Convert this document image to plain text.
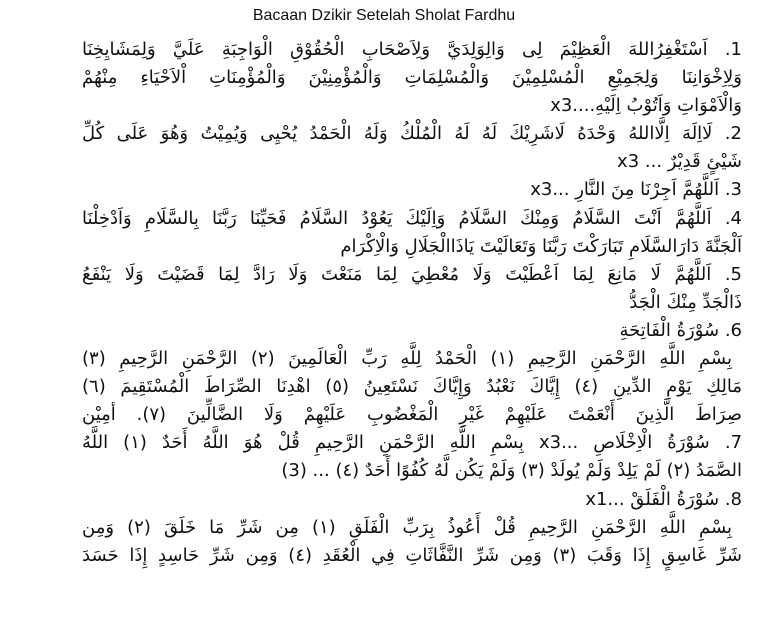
Bacaan Dzikir Setelah Sholat Fardhu
1. اَسْتَغْفِرُاللهَ الْعَظِيْمَ لِى وَالِوَلِدَيَّ وَلِاَصْحَابِ الْحُقُوْقِ الْوَاجِبَةِ عَلَيَّ وَلِمَشَايِخِنَا
وَلِاِخْوَانِنَا وَلِجَمِيْعِ الْمُسْلِمِيْنَ وَالْمُسْلِمَاتِ وَالْمُؤْمِنِيْنَ وَالْمُؤْمِنَاتِ اْلاَحْيَاءِ مِنْهُمْ
وَالْاَمْوَاتِ وَاَتُوْبُ اِلَيْهِ....x3
2. لَااِلَهَ اِلَّااللهُ وَحْدَهُ لَاشَرِيْكَ لَهُ لَهُ الْمُلْكُ وَلَهُ الْحَمْدُ يُحْيِى وَيُمِيْتُ وَهُوَ عَلَى كُلِّ
شَيْئٍ قَدِيْرٌ ... x3
3. اَللَّهُمَّ اَجِرْنَا مِنَ النَّارِ ...x3
4. اَللَّهُمَّ اَنْتَ السَّلَامُ وَمِنْكَ السَّلَامُ وَاِلَيْكَ يَعُوْدُ السَّلَامُ فَحَيِّنَا رَبَّنَا بِالسَّلَامِ وَاَدْخِلْنَا
اَلْجَنَّةَ دَارَالسَّلَامِ تَبَارَكْتَ رَبَّنَا وَتَعَالَيْتَ يَاذَاالْجَلَالِ وَالْاِكْرَام
5. اَللَّهُمَّ لَا مَانِعَ لِمَا اَعْطَيْتَ وَلَا مُعْطِيَ لِمَا مَنَعْتَ وَلَا رَادَّ لِمَا قَضَيْتَ وَلَا يَنْفَعُ
ذَالْجَدِّ مِنْكَ الْجَدُّ
6. سُوْرَةُ الْفَاتِحَةِ
بِسْمِ اللَّهِ الرَّحْمَنِ الرَّحِيمِ (١) الْحَمْدُ لِلَّهِ رَبِّ الْعَالَمِينَ (٢) الرَّحْمَنِ الرَّحِيمِ (٣)
مَالِكِ يَوْمِ الدِّينِ (٤) إِيَّاكَ نَعْبُدُ وَإِيَّاكَ نَسْتَعِينُ (٥) اهْدِنَا الصِّرَاطَ الْمُسْتَقِيمَ (٦)
صِرَاطَ الَّذِينَ أَنْعَمْتَ عَلَيْهِمْ غَيْرِ الْمَغْضُوبِ عَلَيْهِمْ وَلَا الضَّالِّينَ (٧). أمِيْن
7. سُوْرَةُ الْاِخْلَاصِ ...x3 بِسْمِ اللَّهِ الرَّحْمَنِ الرَّحِيمِ قُلْ هُوَ اللَّهُ أَحَدٌ (١) اللَّهُ
الصَّمَدُ (٢) لَمْ يَلِدْ وَلَمْ يُولَدْ (٣) وَلَمْ يَكُن لَّهُ كُفُوًا أَحَدٌ (٤) ... (3)
8. سُوْرَةُ الْفَلَقْ ...x1
بِسْمِ اللَّهِ الرَّحْمَنِ الرَّحِيمِ قُلْ أَعُوذُ بِرَبِّ الْفَلَقِ (١) مِن شَرِّ مَا خَلَقَ (٢) وَمِن
شَرِّ غَاسِقٍ إِذَا وَقَبَ (٣) وَمِن شَرِّ النَّفَّاثَاتِ فِي الْعُقَدِ (٤) وَمِن شَرِّ حَاسِدٍ إِذَا حَسَدَ
